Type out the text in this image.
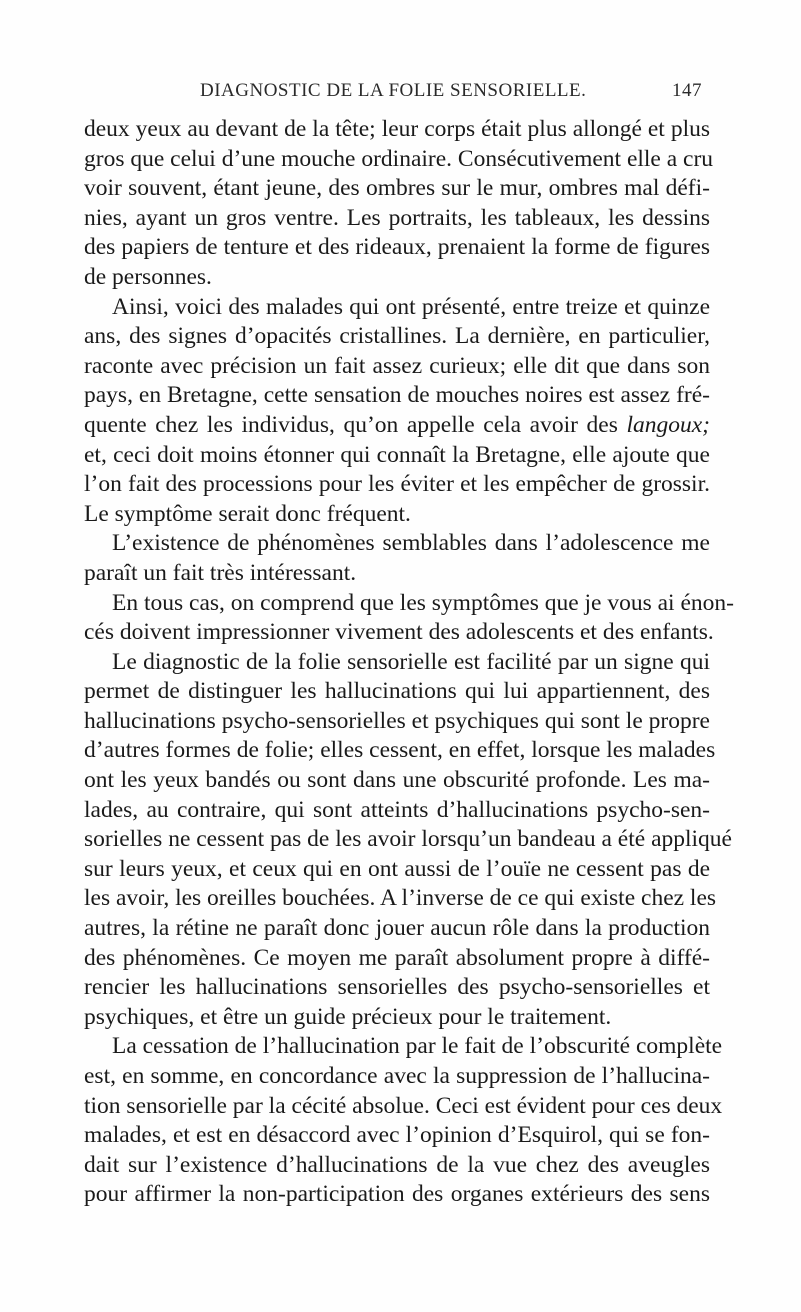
DIAGNOSTIC DE LA FOLIE SENSORIELLE.	147
deux yeux au devant de la tête; leur corps était plus allongé et plus
gros que celui d’une mouche ordinaire. Consécutivement elle a cru
voir souvent, étant jeune, des ombres sur le mur, ombres mal défi-
nies, ayant un gros ventre. Les portraits, les tableaux, les dessins
des papiers de tenture et des rideaux, prenaient la forme de figures
de personnes.
Ainsi, voici des malades qui ont présenté, entre treize et quinze
ans, des signes d’opacités cristallines. La dernière, en particulier,
raconte avec précision un fait assez curieux; elle dit que dans son
pays, en Bretagne, cette sensation de mouches noires est assez fré-
quente chez les individus, qu’on appelle cela avoir des langoux;
et, ceci doit moins étonner qui connaît la Bretagne, elle ajoute que
l’on fait des processions pour les éviter et les empêcher de grossir.
Le symptôme serait donc fréquent.
L’existence de phénomènes semblables dans l’adolescence me
paraît un fait très intéressant.
En tous cas, on comprend que les symptômes que je vous ai énon-
cés doivent impressionner vivement des adolescents et des enfants.
Le diagnostic de la folie sensorielle est facilité par un signe qui
permet de distinguer les hallucinations qui lui appartiennent, des
hallucinations psycho-sensorielles et psychiques qui sont le propre
d’autres formes de folie; elles cessent, en effet, lorsque les malades
ont les yeux bandés ou sont dans une obscurité profonde. Les ma-
lades, au contraire, qui sont atteints d’hallucinations psycho-sen-
sorielles ne cessent pas de les avoir lorsqu’un bandeau a été appliqué
sur leurs yeux, et ceux qui en ont aussi de l’ouïe ne cessent pas de
les avoir, les oreilles bouchées. A l’inverse de ce qui existe chez les
autres, la rétine ne paraît donc jouer aucun rôle dans la production
des phénomènes. Ce moyen me paraît absolument propre à diffé-
rencier les hallucinations sensorielles des psycho-sensorielles et
psychiques, et être un guide précieux pour le traitement.
La cessation de l’hallucination par le fait de l’obscurité complète
est, en somme, en concordance avec la suppression de l’hallucina-
tion sensorielle par la cécité absolue. Ceci est évident pour ces deux
malades, et est en désaccord avec l’opinion d’Esquirol, qui se fon-
dait sur l’existence d’hallucinations de la vue chez des aveugles
pour affirmer la non-participation des organes extérieurs des sens
